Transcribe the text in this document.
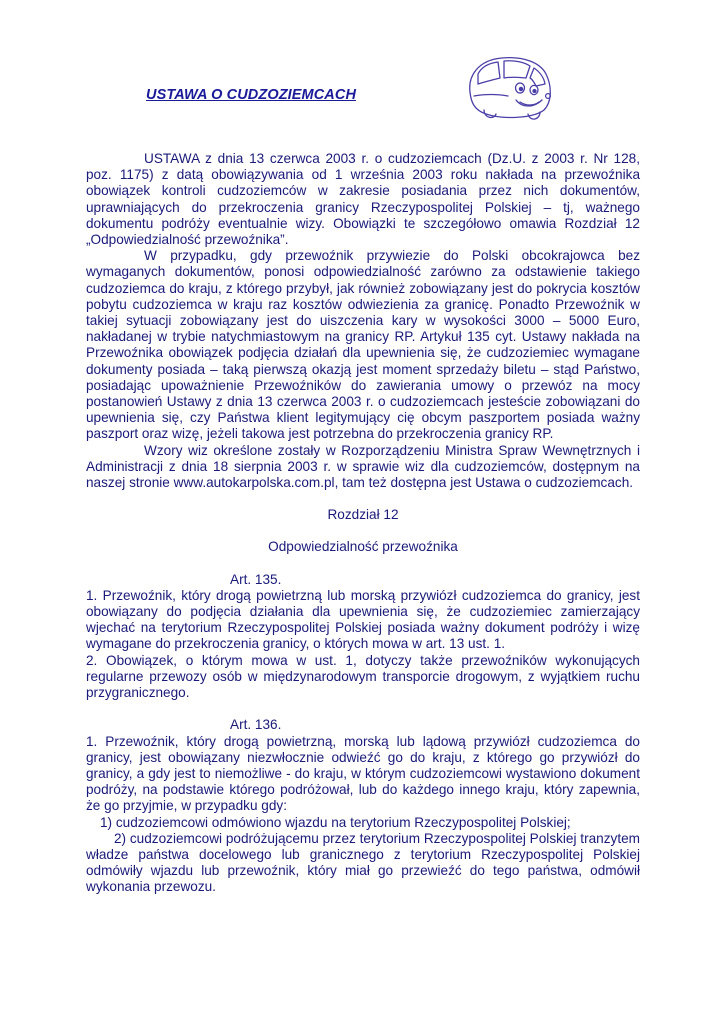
USTAWA O CUDZOZIEMCACH

USTAWA z dnia 13 czerwca 2003 r. o cudzoziemcach (Dz.U. z 2003 r. Nr 128, poz. 1175) z datą obowiązywania od 1 września 2003 roku nakłada na przewoźnika obowiązek kontroli cudzoziemców w zakresie posiadania przez nich dokumentów, uprawniających do przekroczenia granicy Rzeczypospolitej Polskiej – tj, ważnego dokumentu podróży eventualnie wizy. Obowiązki te szczegółowo omawia Rozdział 12 „Odpowiedzialność przewoźnika”.

W przypadku, gdy przewoźnik przywiezie do Polski obcokrajowca bez wymaganych dokumentów, ponosi odpowiedzialność zarówno za odstawienie takiego cudzoziemca do kraju, z którego przybył, jak również zobowiązany jest do pokrycia kosztów pobytu cudzoziemca w kraju raz kosztów odwiezienia za granicę. Ponadto Przewoźnik w takiej sytuacji zobowiązany jest do uiszczenia kary w wysokości 3000 – 5000 Euro, nakładanej w trybie natychmiastowym na granicy RP. Artykuł 135 cyt. Ustawy nakłada na Przewoźnika obowiązek podjęcia działań dla upewnienia się, że cudzoziemiec wymagane dokumenty posiada – taką pierwszą okazją jest moment sprzedaży biletu – stąd Państwo, posiadając upoważnienie Przewoźników do zawierania umowy o przewóz na mocy postanowień Ustawy z dnia 13 czerwca 2003 r. o cudzoziemcach jesteście zobowiązani do upewnienia się, czy Państwa klient legitymujący cię obcym paszportem posiada ważny paszport oraz wizę, jeżeli takowa jest potrzebna do przekroczenia granicy RP.

Wzory wiz określone zostały w Rozporządzeniu Ministra Spraw Wewnętrznych i Administracji z dnia 18 sierpnia 2003 r. w sprawie wiz dla cudzoziemców, dostępnym na naszej stronie www.autokarpolska.com.pl, tam też dostępna jest Ustawa o cudzoziemcach.

Rozdział 12

Odpowiedzialność przewoźnika

Art. 135.

1. Przewoźnik, który drogą powietrzną lub morską przywiózł cudzoziemca do granicy, jest obowiązany do podjęcia działania dla upewnienia się, że cudzoziemiec zamierzający wjechać na terytorium Rzeczypospolitej Polskiej posiada ważny dokument podróży i wizę wymagane do przekroczenia granicy, o których mowa w art. 13 ust. 1.

2. Obowiązek, o którym mowa w ust. 1, dotyczy także przewoźników wykonujących regularne przewozy osób w międzynarodowym transporcie drogowym, z wyjątkiem ruchu przygranicznego.

Art. 136.

1. Przewoźnik, który drogą powietrzną, morską lub lądową przywiózł cudzoziemca do granicy, jest obowiązany niezwłocznie odwieźć go do kraju, z którego go przywiózł do granicy, a gdy jest to niemożliwe - do kraju, w którym cudzoziemcowi wystawiono dokument podróży, na podstawie którego podróżował, lub do każdego innego kraju, który zapewnia, że go przyjmie, w przypadku gdy:

1) cudzoziemcowi odmówiono wjazdu na terytorium Rzeczypospolitej Polskiej;

2) cudzoziemcowi podróżującemu przez terytorium Rzeczypospolitej Polskiej tranzytem władze państwa docelowego lub granicznego z terytorium Rzeczypospolitej Polskiej odmówiły wjazdu lub przewoźnik, który miał go przewieźć do tego państwa, odmówił wykonania przewozu.
